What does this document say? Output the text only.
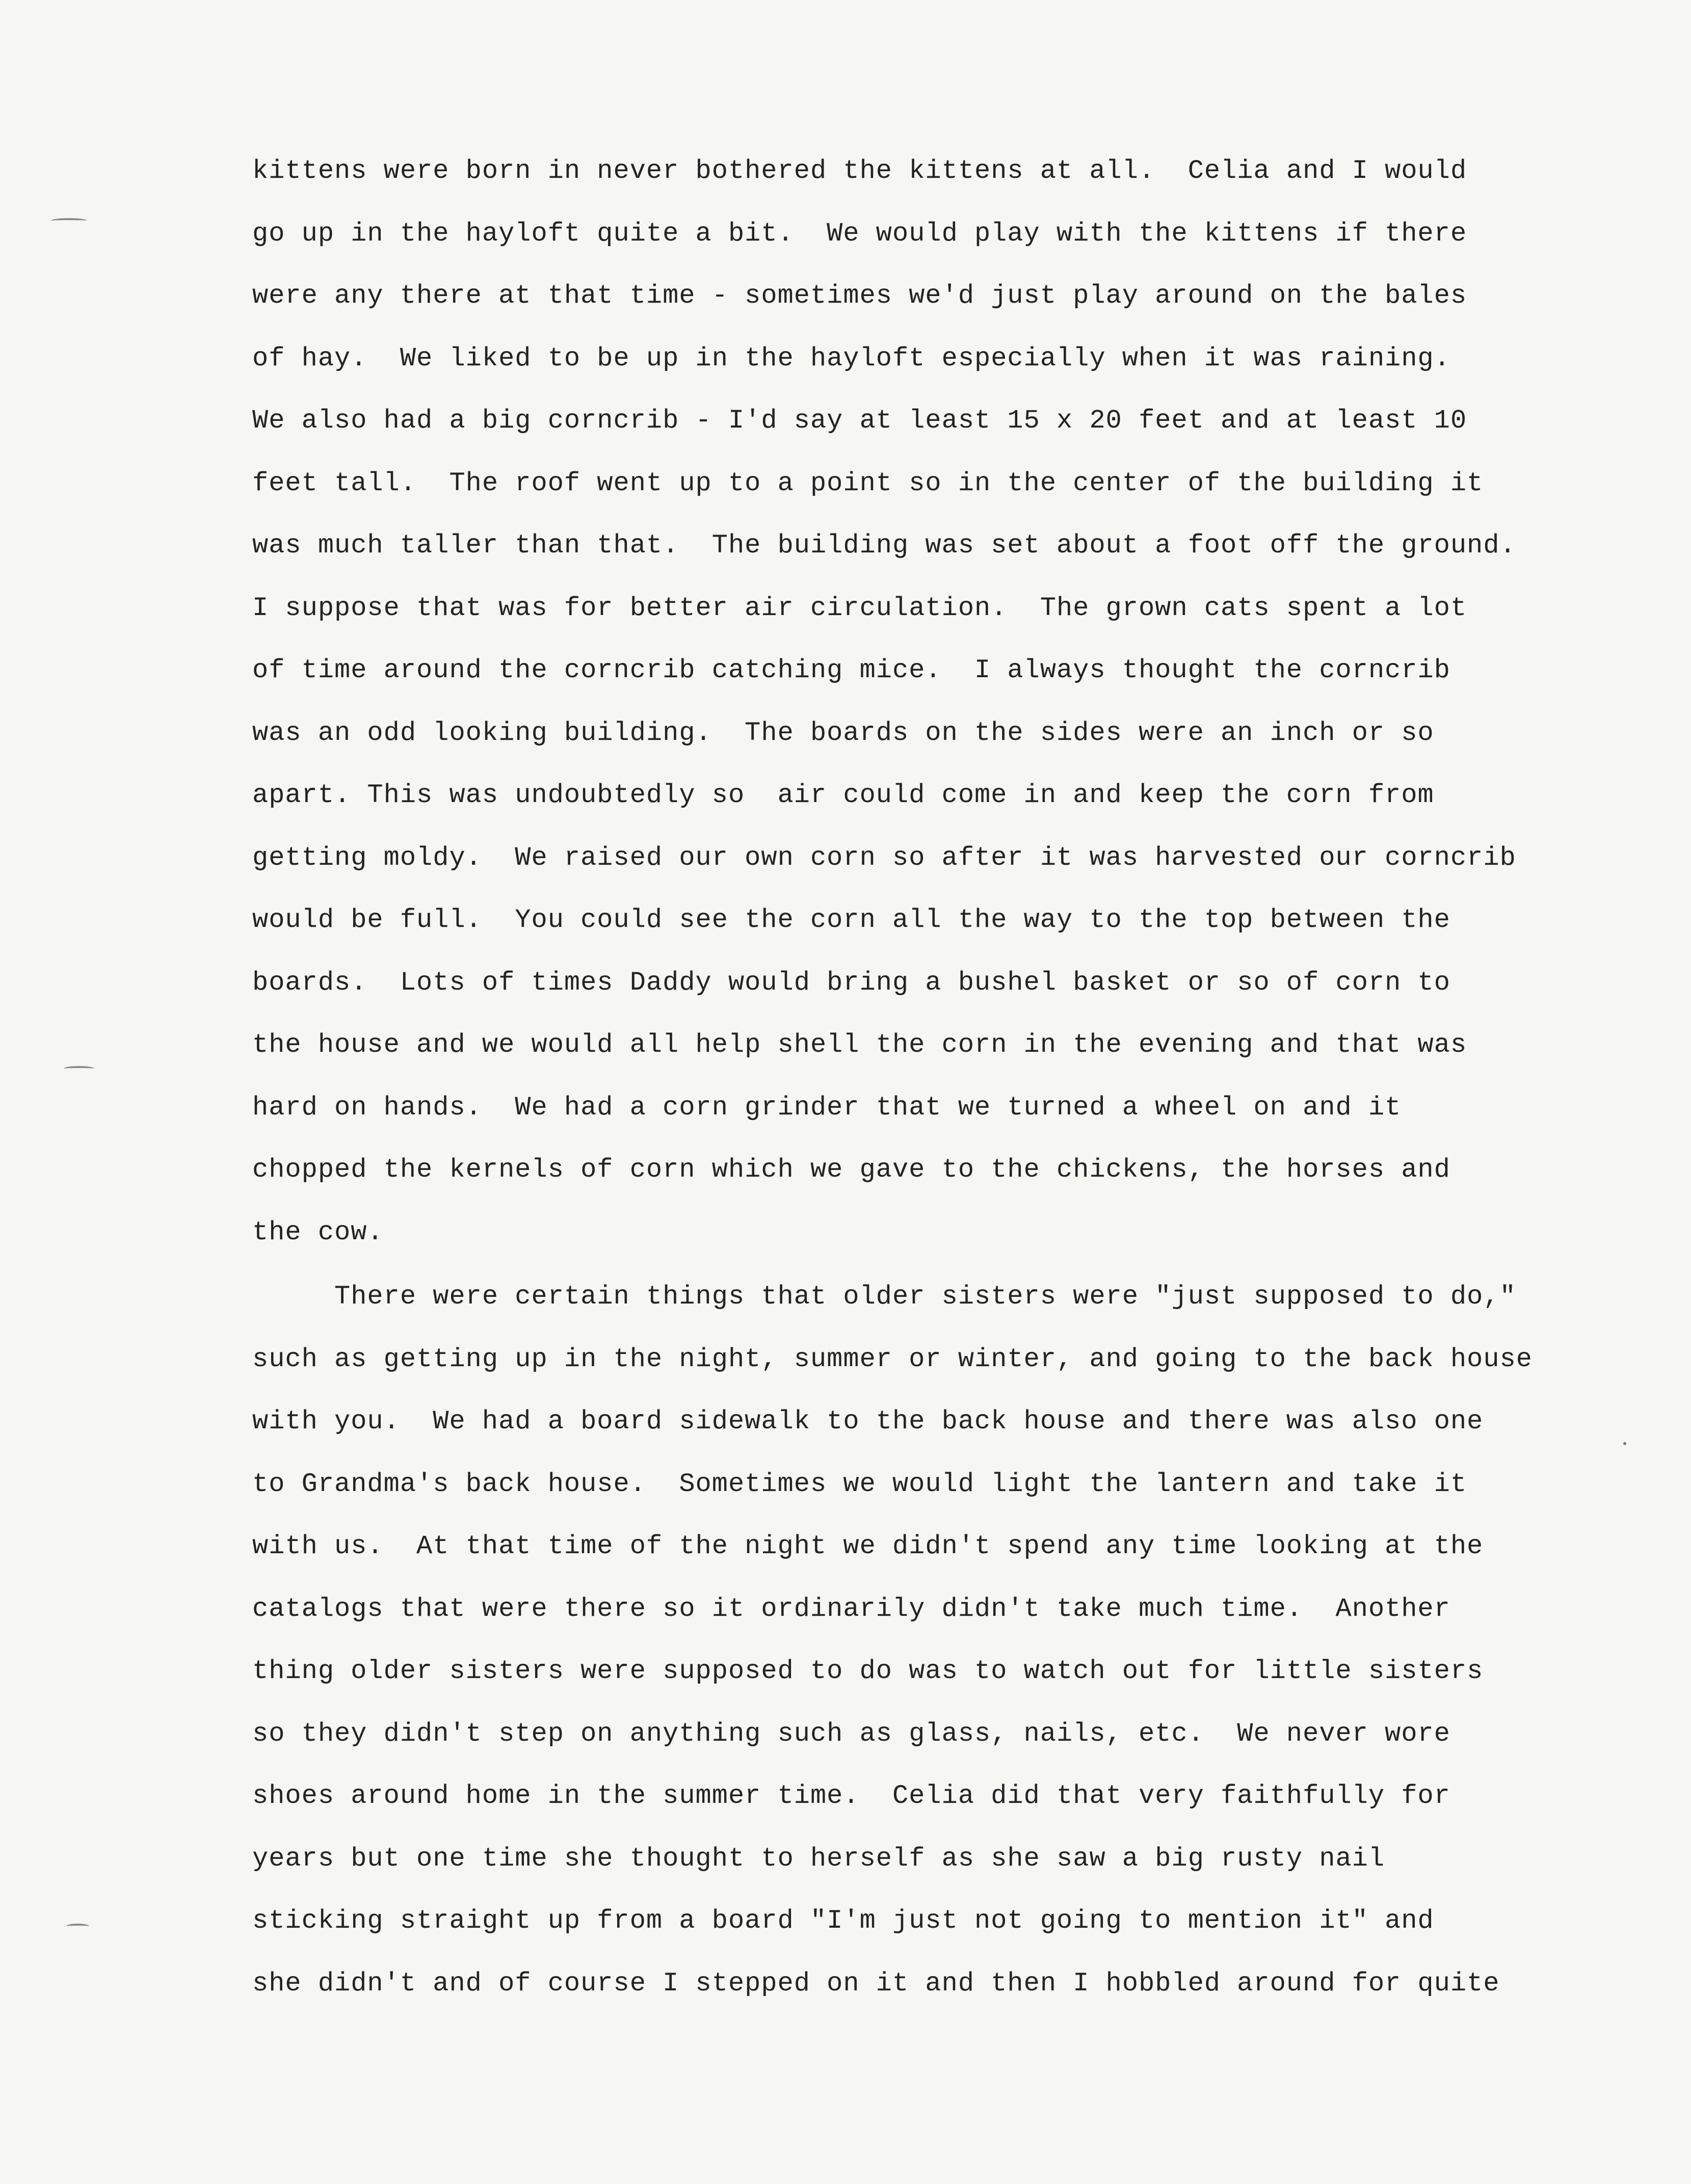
kittens were born in never bothered the kittens at all.  Celia and I would
go up in the hayloft quite a bit.  We would play with the kittens if there
were any there at that time - sometimes we'd just play around on the bales
of hay.  We liked to be up in the hayloft especially when it was raining.
We also had a big corncrib - I'd say at least 15 x 20 feet and at least 10
feet tall.  The roof went up to a point so in the center of the building it
was much taller than that.  The building was set about a foot off the ground.
I suppose that was for better air circulation.  The grown cats spent a lot
of time around the corncrib catching mice.  I always thought the corncrib
was an odd looking building.  The boards on the sides were an inch or so
apart. This was undoubtedly so  air could come in and keep the corn from
getting moldy.  We raised our own corn so after it was harvested our corncrib
would be full.  You could see the corn all the way to the top between the
boards.  Lots of times Daddy would bring a bushel basket or so of corn to
the house and we would all help shell the corn in the evening and that was
hard on hands.  We had a corn grinder that we turned a wheel on and it
chopped the kernels of corn which we gave to the chickens, the horses and
the cow.
There were certain things that older sisters were "just supposed to do,"
such as getting up in the night, summer or winter, and going to the back house
with you.  We had a board sidewalk to the back house and there was also one
to Grandma's back house.  Sometimes we would light the lantern and take it
with us.  At that time of the night we didn't spend any time looking at the
catalogs that were there so it ordinarily didn't take much time.  Another
thing older sisters were supposed to do was to watch out for little sisters
so they didn't step on anything such as glass, nails, etc.  We never wore
shoes around home in the summer time.  Celia did that very faithfully for
years but one time she thought to herself as she saw a big rusty nail
sticking straight up from a board "I'm just not going to mention it" and
she didn't and of course I stepped on it and then I hobbled around for quite
